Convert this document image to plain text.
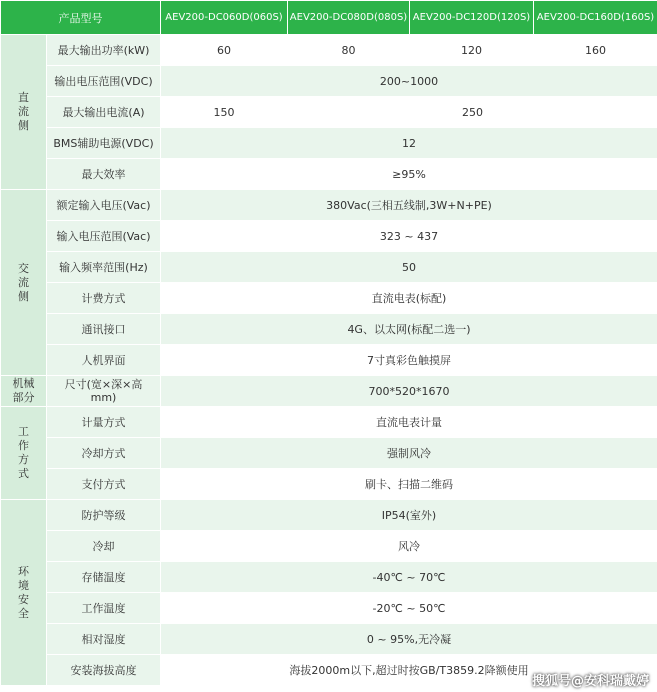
产品型号		AEV200-DC060D(060S)	AEV200-DC080D(080S)	AEV200-DC120D(120S)	AEV200-DC160D(160S)
直流侧	最大输出功率(kW)	60	80	120	160
	输出电压范围(VDC)	200~1000			
	最大输出电流(A)	150	250		
	BMS辅助电源(VDC)	12			
	最大效率	≥95%			
交流侧	额定输入电压(Vac)	380Vac(三相五线制,3W+N+PE)			
	输入电压范围(Vac)	323 ~ 437			
	输入频率范围(Hz)	50			
	计费方式	直流电表(标配)			
	通讯接口	4G、以太网(标配二选一)			
	人机界面	7寸真彩色触摸屏			
机械部分	尺寸(宽×深×高mm)	700*520*1670			
工作方式	计量方式	直流电表计量			
	冷却方式	强制风冷			
	支付方式	刷卡、扫描二维码			
环境安全	防护等级	IP54(室外)			
	冷却	风冷			
	存储温度	-40℃ ~ 70℃			
	工作温度	-20℃ ~ 50℃			
	相对湿度	0 ~ 95%,无冷凝			
	安装海拔高度	海拔2000m以下,超过时按GB/T3859.2降额使用			
搜狐号@安科瑞戴婷
